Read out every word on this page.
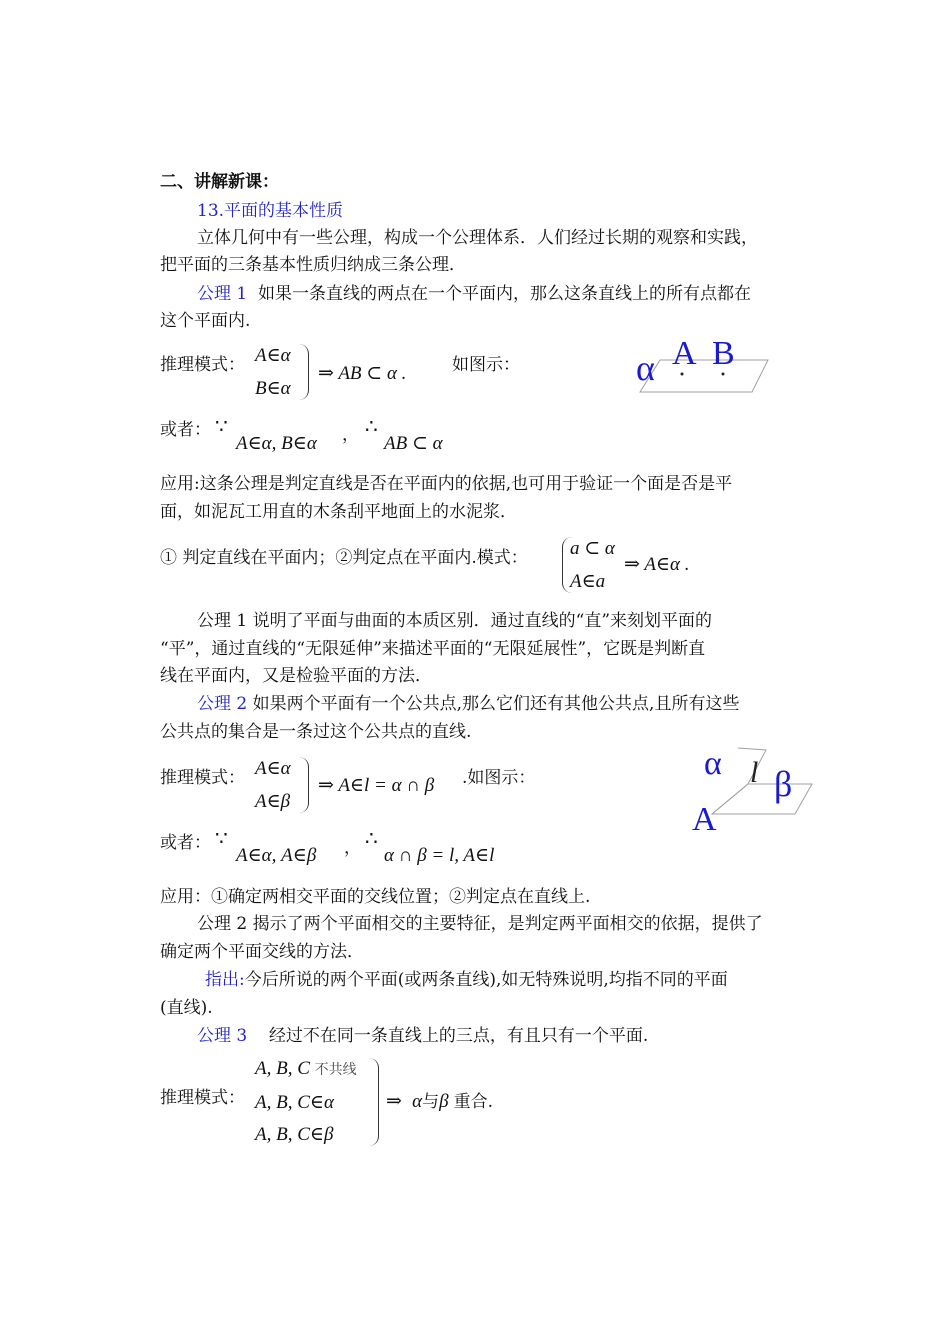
二、讲解新课：
13.平面的基本性质
立体几何中有一些公理，构成一个公理体系．人们经过长期的观察和实践，
把平面的三条基本性质归纳成三条公理．
公理 1 如果一条直线的两点在一个平面内，那么这条直线上的所有点都在
这个平面内.
推理模式： A∈α
B∈α
⇒ AB ⊂ α .	如图示：	α A B
或者： ∵
A∈α, B∈α ， ∴
AB ⊂ α
应用:这条公理是判定直线是否在平面内的依据,也可用于验证一个面是否是平
面，如泥瓦工用直的木条刮平地面上的水泥浆．
① 判定直线在平面内；②判定点在平面内.模式： a ⊂ α
A∈a
⇒ A∈α .
公理 1 说明了平面与曲面的本质区别．通过直线的“直”来刻划平面的
“平”，通过直线的“无限延伸”来描述平面的“无限延展性”，它既是判断直
线在平面内，又是检验平面的方法．
公理 2 如果两个平面有一个公共点,那么它们还有其他公共点,且所有这些
公共点的集合是一条过这个公共点的直线.
推理模式： A∈α
A∈β
⇒ A∈l = α ∩ β .如图示：	α l β
A
或者： ∵
A∈α, A∈β ， ∴
α ∩ β = l, A∈l
应用：①确定两相交平面的交线位置；②判定点在直线上.
公理 2 揭示了两个平面相交的主要特征，是判定两平面相交的依据，提供了
确定两个平面交线的方法．
指出:今后所说的两个平面(或两条直线),如无特殊说明,均指不同的平面
(直线).
公理 3 经过不在同一条直线上的三点，有且只有一个平面.
推理模式：
A, B, C 不共线
A, B, C∈α
A, B, C∈β
⇒ α与β 重合.
